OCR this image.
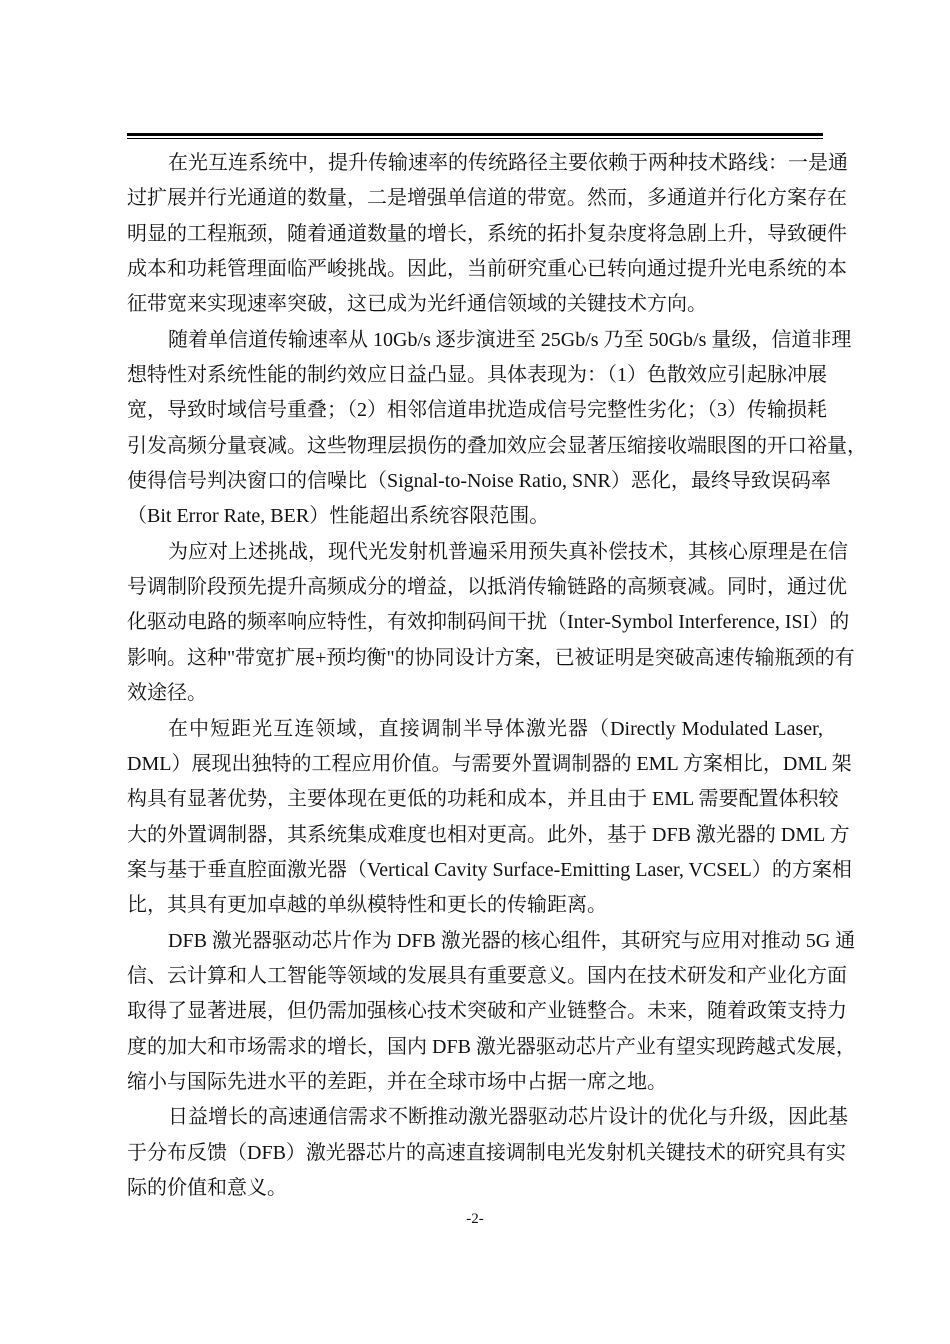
在光互连系统中，提升传输速率的传统路径主要依赖于两种技术路线：一是通
过扩展并行光通道的数量，二是增强单信道的带宽。然而，多通道并行化方案存在
明显的工程瓶颈，随着通道数量的增长，系统的拓扑复杂度将急剧上升，导致硬件
成本和功耗管理面临严峻挑战。因此，当前研究重心已转向通过提升光电系统的本
征带宽来实现速率突破，这已成为光纤通信领域的关键技术方向。
随着单信道传输速率从 10Gb/s 逐步演进至 25Gb/s 乃至 50Gb/s 量级，信道非理
想特性对系统性能的制约效应日益凸显。具体表现为：（1）色散效应引起脉冲展
宽，导致时域信号重叠；（2）相邻信道串扰造成信号完整性劣化；（3）传输损耗
引发高频分量衰减。这些物理层损伤的叠加效应会显著压缩接收端眼图的开口裕量，
使得信号判决窗口的信噪比（Signal-to-Noise Ratio, SNR）恶化，最终导致误码率
（Bit Error Rate, BER）性能超出系统容限范围。
为应对上述挑战，现代光发射机普遍采用预失真补偿技术，其核心原理是在信
号调制阶段预先提升高频成分的增益，以抵消传输链路的高频衰减。同时，通过优
化驱动电路的频率响应特性，有效抑制码间干扰（Inter-Symbol Interference, ISI）的
影响。这种"带宽扩展+预均衡"的协同设计方案，已被证明是突破高速传输瓶颈的有
效途径。
在中短距光互连领域，直接调制半导体激光器（Directly Modulated Laser,
DML）展现出独特的工程应用价值。与需要外置调制器的 EML 方案相比，DML 架
构具有显著优势，主要体现在更低的功耗和成本，并且由于 EML 需要配置体积较
大的外置调制器，其系统集成难度也相对更高。此外，基于 DFB 激光器的 DML 方
案与基于垂直腔面激光器（Vertical Cavity Surface-Emitting Laser, VCSEL）的方案相
比，其具有更加卓越的单纵模特性和更长的传输距离。
DFB 激光器驱动芯片作为 DFB 激光器的核心组件，其研究与应用对推动 5G 通
信、云计算和人工智能等领域的发展具有重要意义。国内在技术研发和产业化方面
取得了显著进展，但仍需加强核心技术突破和产业链整合。未来，随着政策支持力
度的加大和市场需求的增长，国内 DFB 激光器驱动芯片产业有望实现跨越式发展，
缩小与国际先进水平的差距，并在全球市场中占据一席之地。
日益增长的高速通信需求不断推动激光器驱动芯片设计的优化与升级，因此基
于分布反馈（DFB）激光器芯片的高速直接调制电光发射机关键技术的研究具有实
际的价值和意义。
-2-
